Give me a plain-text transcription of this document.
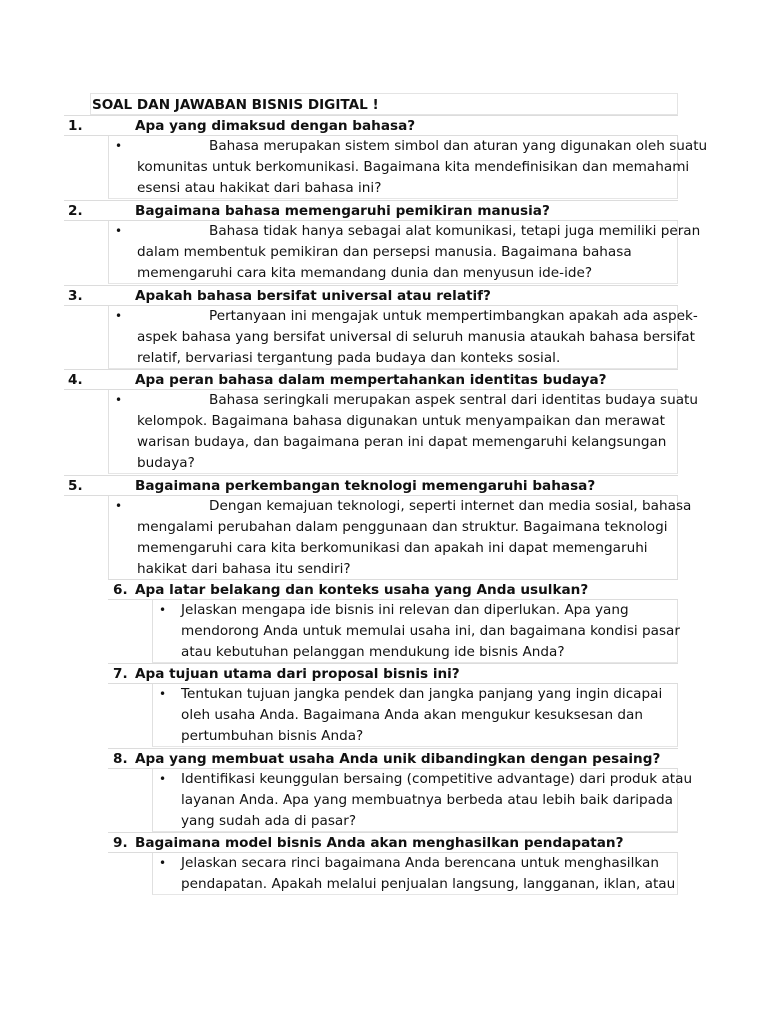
SOAL DAN JAWABAN BISNIS DIGITAL !
1.	Apa yang dimaksud dengan bahasa?
•	Bahasa merupakan sistem simbol dan aturan yang digunakan oleh suatu
komunitas untuk berkomunikasi. Bagaimana kita mendefinisikan dan memahami
esensi atau hakikat dari bahasa ini?
2.	Bagaimana bahasa memengaruhi pemikiran manusia?
•	Bahasa tidak hanya sebagai alat komunikasi, tetapi juga memiliki peran
dalam membentuk pemikiran dan persepsi manusia. Bagaimana bahasa
memengaruhi cara kita memandang dunia dan menyusun ide-ide?
3.	Apakah bahasa bersifat universal atau relatif?
•	Pertanyaan ini mengajak untuk mempertimbangkan apakah ada aspek-
aspek bahasa yang bersifat universal di seluruh manusia ataukah bahasa bersifat
relatif, bervariasi tergantung pada budaya dan konteks sosial.
4.	Apa peran bahasa dalam mempertahankan identitas budaya?
•	Bahasa seringkali merupakan aspek sentral dari identitas budaya suatu
kelompok. Bagaimana bahasa digunakan untuk menyampaikan dan merawat
warisan budaya, dan bagaimana peran ini dapat memengaruhi kelangsungan
budaya?
5.	Bagaimana perkembangan teknologi memengaruhi bahasa?
•	Dengan kemajuan teknologi, seperti internet dan media sosial, bahasa
mengalami perubahan dalam penggunaan dan struktur. Bagaimana teknologi
memengaruhi cara kita berkomunikasi dan apakah ini dapat memengaruhi
hakikat dari bahasa itu sendiri?
6. Apa latar belakang dan konteks usaha yang Anda usulkan?
• Jelaskan mengapa ide bisnis ini relevan dan diperlukan. Apa yang
mendorong Anda untuk memulai usaha ini, dan bagaimana kondisi pasar
atau kebutuhan pelanggan mendukung ide bisnis Anda?
7. Apa tujuan utama dari proposal bisnis ini?
• Tentukan tujuan jangka pendek dan jangka panjang yang ingin dicapai
oleh usaha Anda. Bagaimana Anda akan mengukur kesuksesan dan
pertumbuhan bisnis Anda?
8. Apa yang membuat usaha Anda unik dibandingkan dengan pesaing?
• Identifikasi keunggulan bersaing (competitive advantage) dari produk atau
layanan Anda. Apa yang membuatnya berbeda atau lebih baik daripada
yang sudah ada di pasar?
9. Bagaimana model bisnis Anda akan menghasilkan pendapatan?
• Jelaskan secara rinci bagaimana Anda berencana untuk menghasilkan
pendapatan. Apakah melalui penjualan langsung, langganan, iklan, atau
